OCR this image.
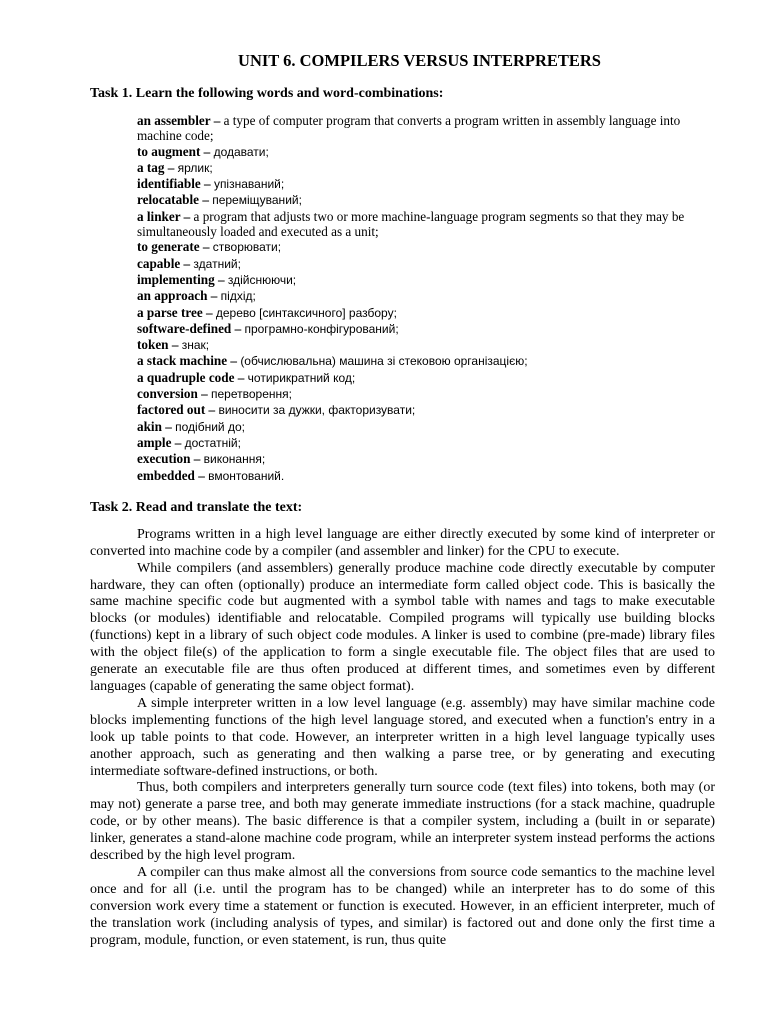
UNIT 6. COMPILERS VERSUS INTERPRETERS
Task 1. Learn the following words and word-combinations:
an assembler – a type of computer program that converts a program written in assembly language into machine code;
to augment – додавати;
a tag – ярлик;
identifiable – упізнаваний;
relocatable – переміщуваний;
a linker – a program that adjusts two or more machine-language program segments so that they may be simultaneously loaded and executed as a unit;
to generate – створювати;
capable – здатний;
implementing – здійснюючи;
an approach – підхід;
a parse tree – дерево [синтаксичного] разбору;
software-defined – програмно-конфігурований;
token – знак;
a stack machine – (обчислювальна) машина зі стековою організацією;
a quadruple code – чотирикратний код;
conversion – перетворення;
factored out – виносити за дужки, факторизувати;
akin – подібний до;
ample – достатній;
execution – виконання;
embedded – вмонтований.
Task 2. Read and translate the text:

Programs written in a high level language are either directly executed by some kind of interpreter or converted into machine code by a compiler (and assembler and linker) for the CPU to execute.

While compilers (and assemblers) generally produce machine code directly executable by computer hardware, they can often (optionally) produce an intermediate form called object code. This is basically the same machine specific code but augmented with a symbol table with names and tags to make executable blocks (or modules) identifiable and relocatable. Compiled programs will typically use building blocks (functions) kept in a library of such object code modules. A linker is used to combine (pre-made) library files with the object file(s) of the application to form a single executable file. The object files that are used to generate an executable file are thus often produced at different times, and sometimes even by different languages (capable of generating the same object format).

A simple interpreter written in a low level language (e.g. assembly) may have similar machine code blocks implementing functions of the high level language stored, and executed when a function's entry in a look up table points to that code. However, an interpreter written in a high level language typically uses another approach, such as generating and then walking a parse tree, or by generating and executing intermediate software-defined instructions, or both.

Thus, both compilers and interpreters generally turn source code (text files) into tokens, both may (or may not) generate a parse tree, and both may generate immediate instructions (for a stack machine, quadruple code, or by other means). The basic difference is that a compiler system, including a (built in or separate) linker, generates a stand-alone machine code program, while an interpreter system instead performs the actions described by the high level program.

A compiler can thus make almost all the conversions from source code semantics to the machine level once and for all (i.e. until the program has to be changed) while an interpreter has to do some of this conversion work every time a statement or function is executed. However, in an efficient interpreter, much of the translation work (including analysis of types, and similar) is factored out and done only the first time a program, module, function, or even statement, is run, thus quite
